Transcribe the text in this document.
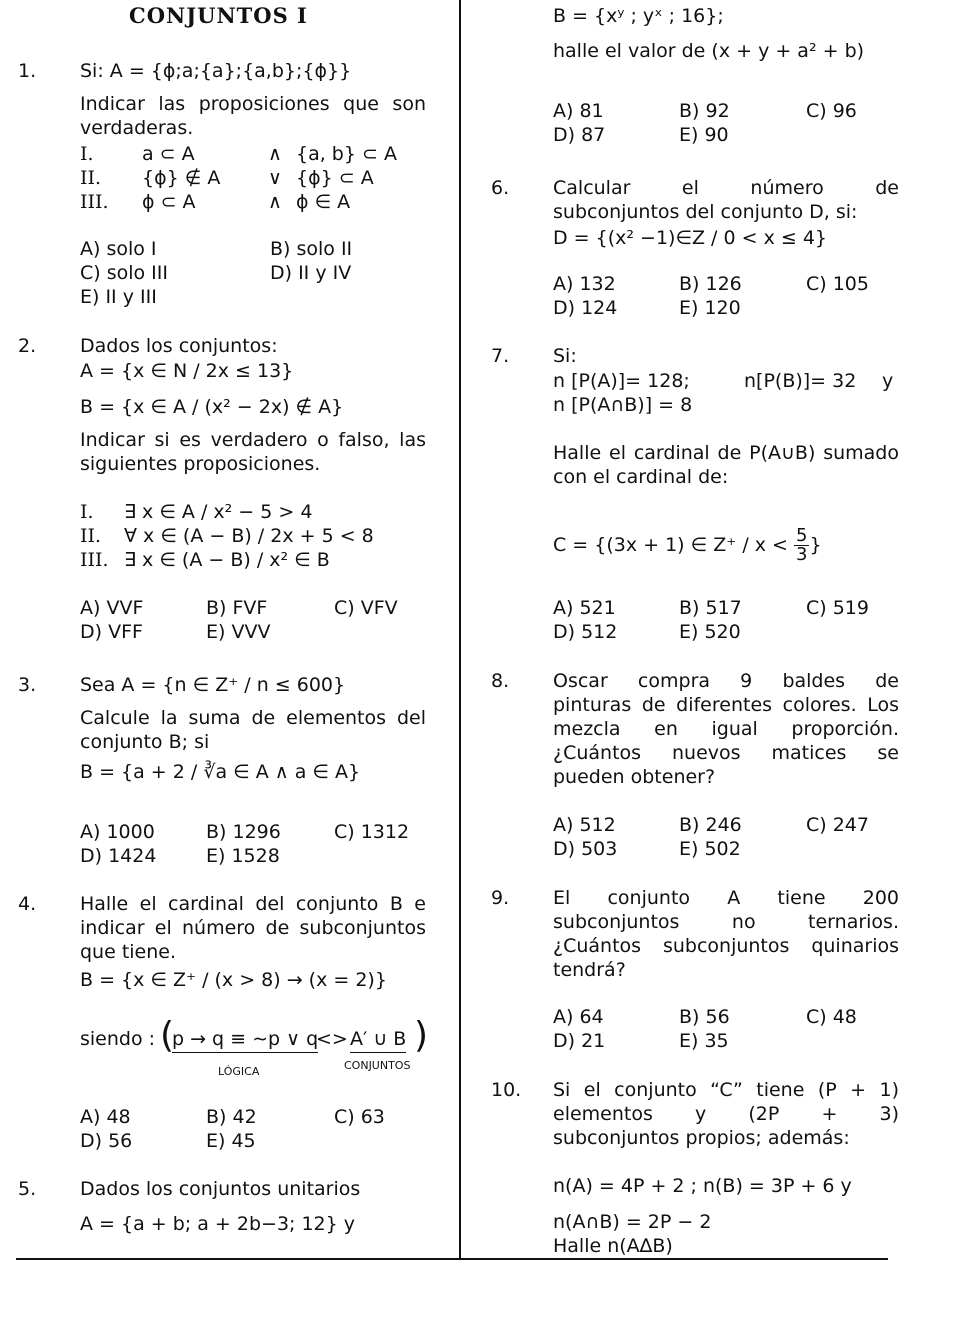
CONJUNTOS I
1. Si: A = {ϕ;a;{a};{a,b};{ϕ}}
Indicar las proposiciones que son
verdaderas.
I.	a ⊂ A	∧ {a, b} ⊂ A
II. {ϕ} ∉ A	∨ {ϕ} ⊂ A
III. ϕ ⊂ A	∧ ϕ ∈ A
A) solo I	B) solo II
C) solo III	D) II y IV
E) II y III
2. Dados los conjuntos:
A = {x ∈ N / 2x ≤ 13}
B = {x ∈ A / (x² − 2x) ∉ A}
Indicar si es verdadero o falso, las
siguientes proposiciones.
I. ∃ x ∈ A / x² − 5 > 4
II. ∀ x ∈ (A − B) / 2x + 5 < 8
III. ∃ x ∈ (A − B) / x² ∈ B
A) VVF	B) FVF	C) VFV
D) VFF	E) VVV
3. Sea A = {n ∈ Z⁺ / n ≤ 600}
Calcule la suma de elementos del
conjunto B; si
B = {a + 2 / ∛a ∈ A ∧ a ∈ A}
A) 1000	B) 1296	C) 1312
D) 1424	E) 1528
4. Halle el cardinal del conjunto B e
indicar el número de subconjuntos
que tiene.
B = {x ∈ Z⁺ / (x > 8) → (x = 2)}
siendo : (
p → q ≡ ∼p ∨ q
LÓGICA
<> A′ ∪ B
CONJUNTOS
)
A) 48	B) 42	C) 63
D) 56	E) 45
5. Dados los conjuntos unitarios
A = {a + b; a + 2b−3; 12} y
B = {xʸ ; yˣ ; 16};
halle el valor de (x + y + a² + b)
A) 81	B) 92	C) 96
D) 87	E) 90
6. Calcular el número de
subconjuntos del conjunto D, si:
D = {(x² −1)∈Z / 0 < x ≤ 4}
A) 132	B) 126	C) 105
D) 124	E) 120
7. Si:
n [P(A)]= 128;	n[P(B)]= 32 y
n [P(A∩B)] = 8
Halle el cardinal de P(A∪B) sumado
con el cardinal de:
C = {(3x + 1) ∈ $Z^+ / x < \frac{5}{3}$ }
A) 521	B) 517	C) 519
D) 512	E) 520
8. Oscar compra 9 baldes de
pinturas de diferentes colores. Los
mezcla en igual proporción.
¿Cuántos nuevos matices se
pueden obtener?
A) 512	B) 246	C) 247
D) 503	E) 502
9. El conjunto A tiene 200
subconjuntos no ternarios.
¿Cuántos subconjuntos quinarios
tendrá?
A) 64	B) 56	C) 48
D) 21	E) 35
10. Si el conjunto “C” tiene (P + 1)
elementos y (2P + 3)
subconjuntos propios; además:
n(A) = 4P + 2 ; n(B) = 3P + 6 y
n(A∩B) = 2P − 2
Halle n(A∆B)
